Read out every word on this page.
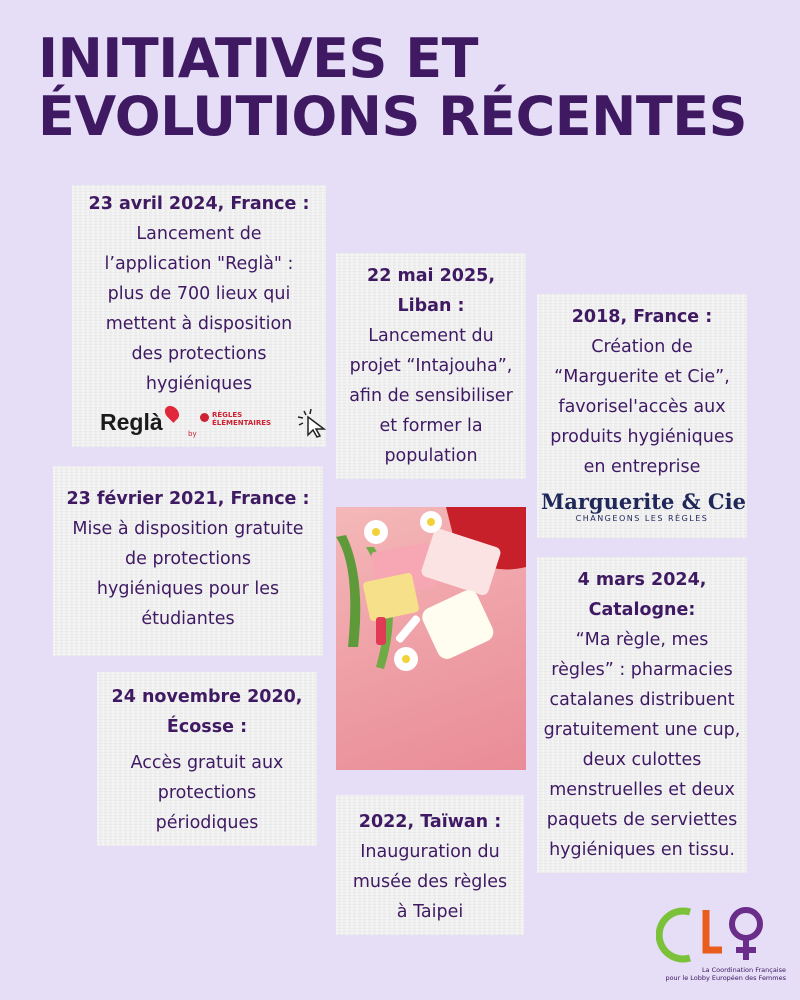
INITIATIVES ET
ÉVOLUTIONS RÉCENTES
23 avril 2024, France :
Lancement de
l’application "Reglà" :
plus de 700 lieux qui
mettent à disposition
des protections
hygiéniques
Reglà	by
RÈGLES
ÉLÉMENTAIRES
22 mai 2025,
Liban :
Lancement du
projet “Intajouha”,
afin de sensibiliser
et former la
population
2018, France :
Création de
“Marguerite et Cie”,
favorisel'accès aux
produits hygiéniques
en entreprise
Marguerite & Cie
CHANGEONS LES RÈGLES
23 février 2021, France :
Mise à disposition gratuite
de protections
hygiéniques pour les
étudiantes
24 novembre 2020,
Écosse :
Accès gratuit aux
protections
périodiques
4 mars 2024,
Catalogne:
“Ma règle, mes
règles” : pharmacies
catalanes distribuent
gratuitement une cup,
deux culottes
menstruelles et deux
paquets de serviettes
hygiéniques en tissu.
2022, Taïwan :
Inauguration du
musée des règles
à Taipei
La Coordination Française
pour le Lobby Européen des Femmes
